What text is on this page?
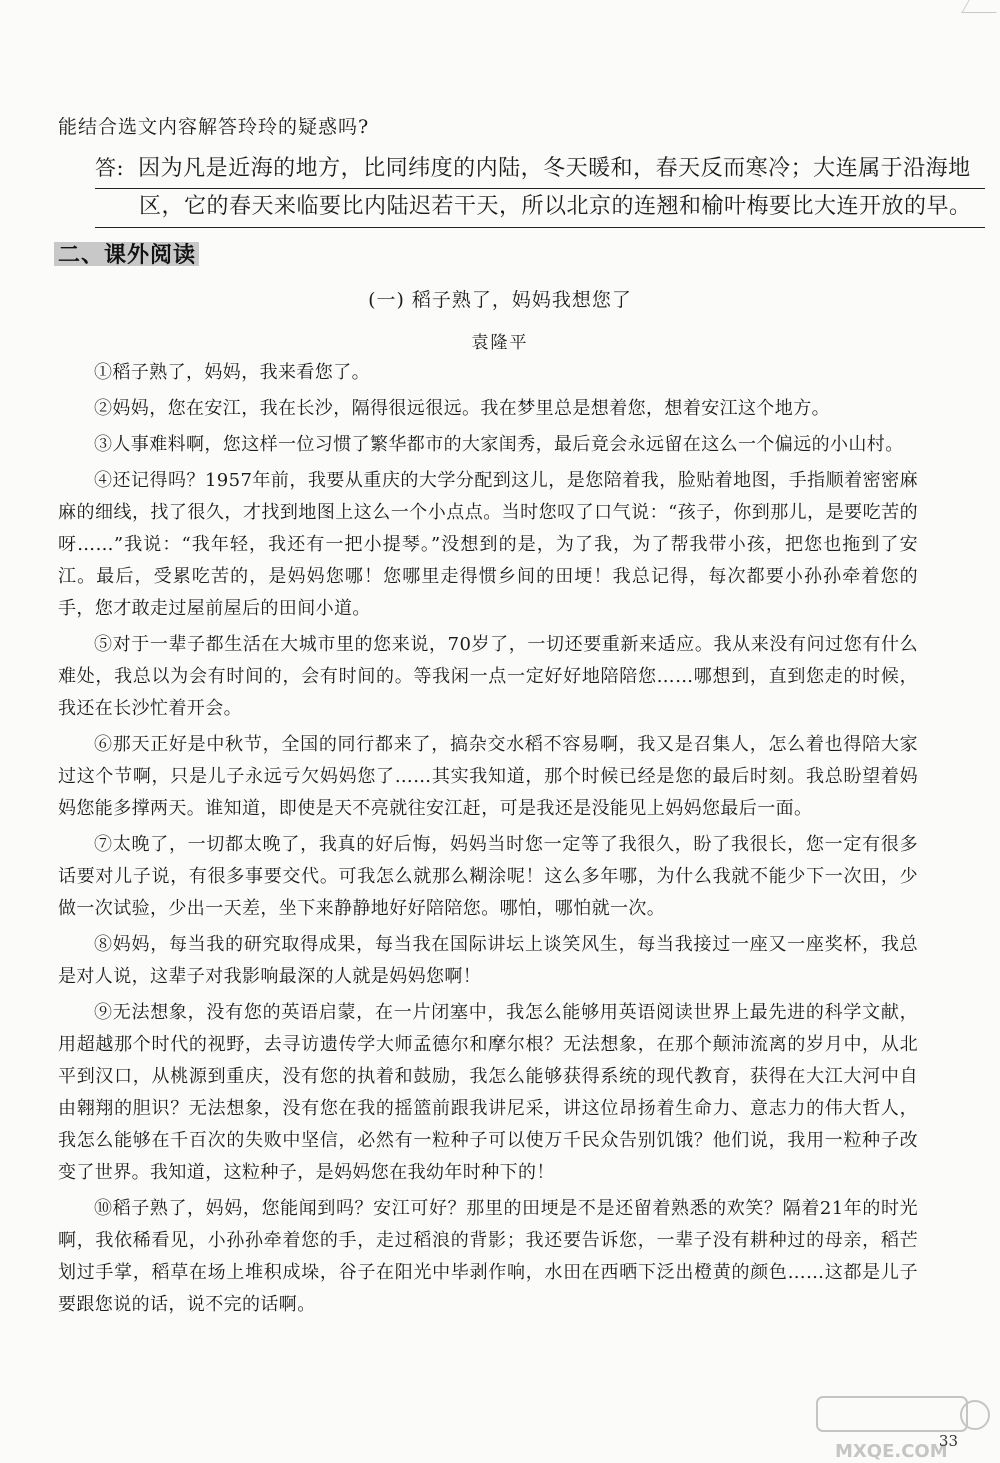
能结合选文内容解答玲玲的疑惑吗?
答: 因为凡是近海的地方，比同纬度的内陆，冬天暖和，春天反而寒冷；大连属于沿海地
区，它的春天来临要比内陆迟若干天，所以北京的连翘和榆叶梅要比大连开放的早。
二、课外阅读
(一) 稻子熟了，妈妈我想您了
袁隆平

①稻子熟了，妈妈，我来看您了。

②妈妈，您在安江，我在长沙，隔得很远很远。我在梦里总是想着您，想着安江这个地方。

③人事难料啊，您这样一位习惯了繁华都市的大家闺秀，最后竟会永远留在这么一个偏远的小山村。

④还记得吗？1957年前，我要从重庆的大学分配到这儿，是您陪着我，脸贴着地图，手指顺着密密麻麻的细线，找了很久，才找到地图上这么一个小点点。当时您叹了口气说：“孩子，你到那儿，是要吃苦的呀……”我说：“我年轻，我还有一把小提琴。”没想到的是，为了我，为了帮我带小孩，把您也拖到了安江。最后，受累吃苦的，是妈妈您哪！您哪里走得惯乡间的田埂！我总记得，每次都要小孙孙牵着您的手，您才敢走过屋前屋后的田间小道。

⑤对于一辈子都生活在大城市里的您来说，70岁了，一切还要重新来适应。我从来没有问过您有什么难处，我总以为会有时间的，会有时间的。等我闲一点一定好好地陪陪您……哪想到，直到您走的时候，我还在长沙忙着开会。

⑥那天正好是中秋节，全国的同行都来了，搞杂交水稻不容易啊，我又是召集人，怎么着也得陪大家过这个节啊，只是儿子永远亏欠妈妈您了……其实我知道，那个时候已经是您的最后时刻。我总盼望着妈妈您能多撑两天。谁知道，即使是天不亮就往安江赶，可是我还是没能见上妈妈您最后一面。

⑦太晚了，一切都太晚了，我真的好后悔，妈妈当时您一定等了我很久，盼了我很长，您一定有很多话要对儿子说，有很多事要交代。可我怎么就那么糊涂呢！这么多年哪，为什么我就不能少下一次田，少做一次试验，少出一天差，坐下来静静地好好陪陪您。哪怕，哪怕就一次。

⑧妈妈，每当我的研究取得成果，每当我在国际讲坛上谈笑风生，每当我接过一座又一座奖杯，我总是对人说，这辈子对我影响最深的人就是妈妈您啊！

⑨无法想象，没有您的英语启蒙，在一片闭塞中，我怎么能够用英语阅读世界上最先进的科学文献，用超越那个时代的视野，去寻访遗传学大师孟德尔和摩尔根？无法想象，在那个颠沛流离的岁月中，从北平到汉口，从桃源到重庆，没有您的执着和鼓励，我怎么能够获得系统的现代教育，获得在大江大河中自由翱翔的胆识？无法想象，没有您在我的摇篮前跟我讲尼采，讲这位昂扬着生命力、意志力的伟大哲人，我怎么能够在千百次的失败中坚信，必然有一粒种子可以使万千民众告别饥饿？他们说，我用一粒种子改变了世界。我知道，这粒种子，是妈妈您在我幼年时种下的！

⑩稻子熟了，妈妈，您能闻到吗？安江可好？那里的田埂是不是还留着熟悉的欢笑？隔着21年的时光啊，我依稀看见，小孙孙牵着您的手，走过稻浪的背影；我还要告诉您，一辈子没有耕种过的母亲，稻芒划过手掌，稻草在场上堆积成垛，谷子在阳光中毕剥作响，水田在西晒下泛出橙黄的颜色……这都是儿子要跟您说的话，说不完的话啊。

MXQE.COM
33
